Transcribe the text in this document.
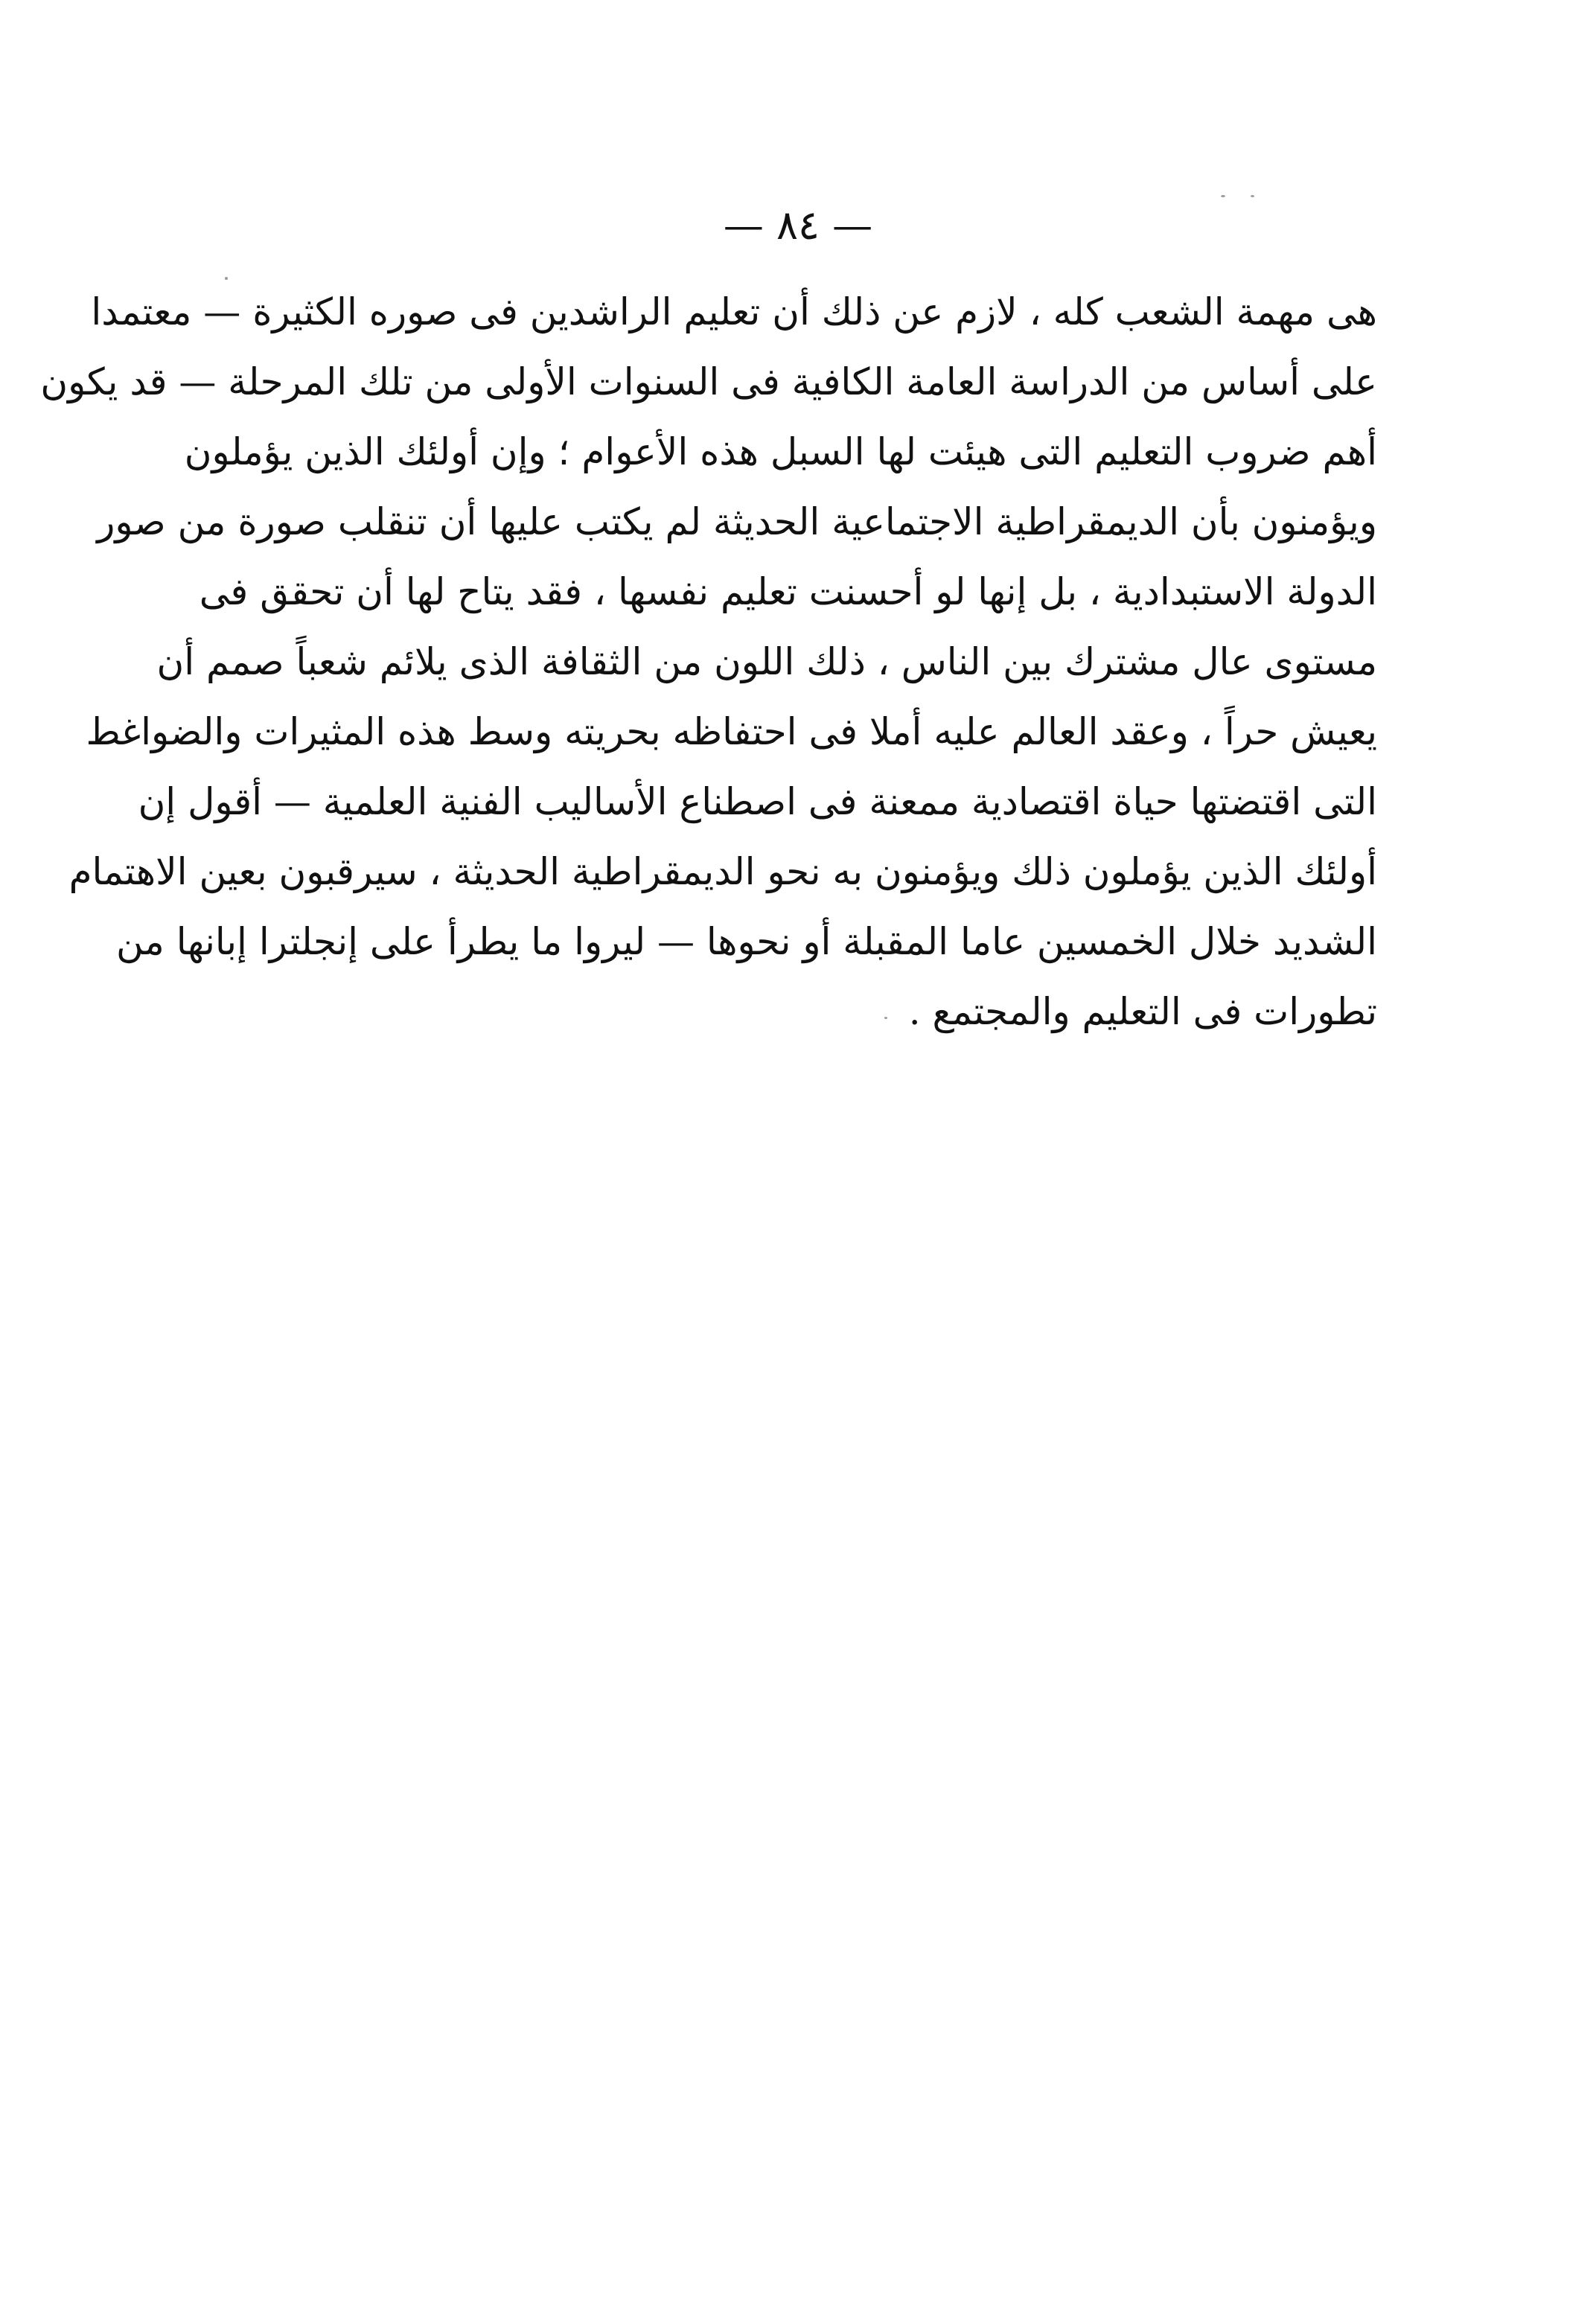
— ٨٤ —
هى مهمة الشعب كله ، لازم عن ذلك أن تعليم الراشدين فى صوره الكثيرة — معتمدا
على أساس من الدراسة العامة الكافية فى السنوات الأولى من تلك المرحلة — قد يكون
أهم ضروب التعليم التى هيئت لها السبل هذه الأعوام ؛ وإن أولئك الذين يؤملون
ويؤمنون بأن الديمقراطية الاجتماعية الحديثة لم يكتب عليها أن تنقلب صورة من صور
الدولة الاستبدادية ، بل إنها لو أحسنت تعليم نفسها ، فقد يتاح لها أن تحقق فى
مستوى عال مشترك بين الناس ، ذلك اللون من الثقافة الذى يلائم شعباً صمم أن
يعيش حراً ، وعقد العالم عليه أملا فى احتفاظه بحريته وسط هذه المثيرات والضواغط
التى اقتضتها حياة اقتصادية ممعنة فى اصطناع الأساليب الفنية العلمية — أقول إن
أولئك الذين يؤملون ذلك ويؤمنون به نحو الديمقراطية الحديثة ، سيرقبون بعين الاهتمام
الشديد خلال الخمسين عاما المقبلة أو نحوها — ليروا ما يطرأ على إنجلترا إبانها من
تطورات فى التعليم والمجتمع .
